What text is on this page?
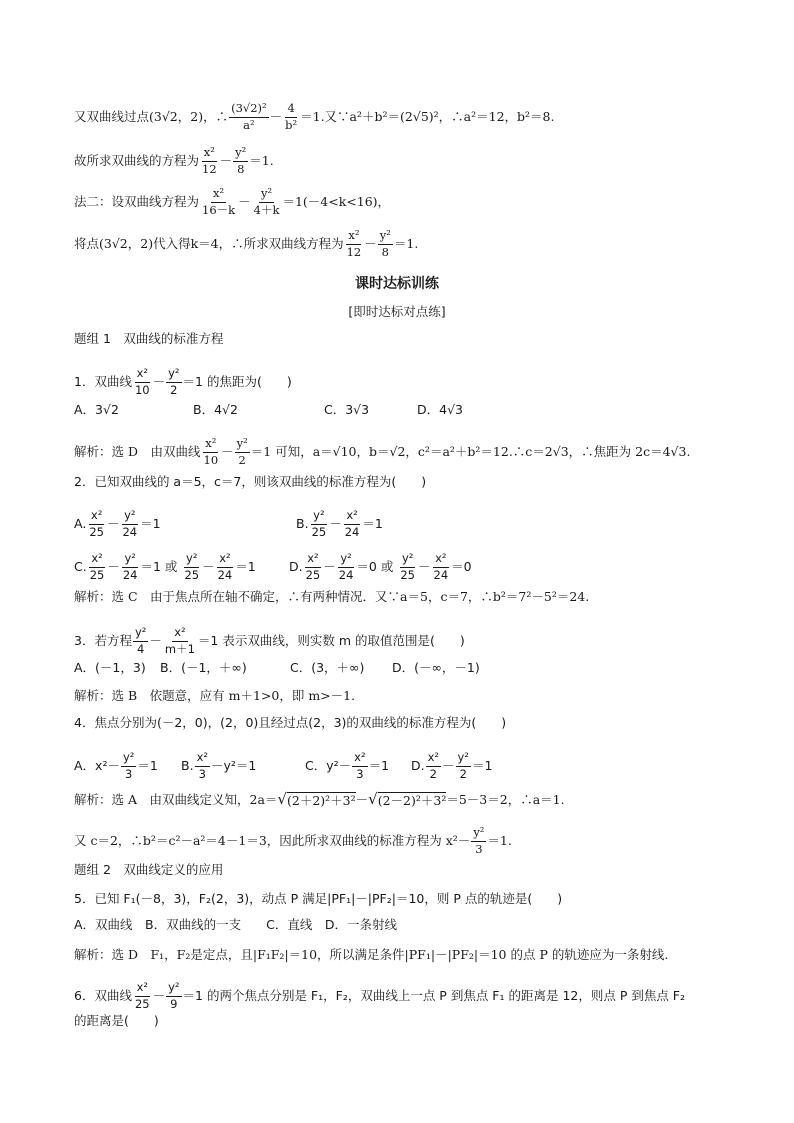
又双曲线过点(3√2，2)，∴ $\frac{\text{(3√2)²}}{\text{a²}} - \frac{4}{\text{b²}} =1$.又∵a²＋b²＝(2√5)²，∴a²＝12，b²＝8.
故所求双曲线的方程为 $\frac{\text{x²}}{12} - \frac{\text{y²}}{8} =1$.
法二：设双曲线方程为 $\frac{\text{x²}}{16-k} - \frac{\text{y²}}{4+k} =1(-4<k<16)$，
将点(3√2，2)代入得k＝4，∴所求双曲线方程为 $\frac{\text{x²}}{12} - \frac{\text{y²}}{8} =1$.
课时达标训练
[即时达标对点练]
题组 1　双曲线的标准方程
1．双曲线 $\frac{\text{x²}}{10} - \frac{\text{y²}}{2} =1$ 的焦距为(　　)
A．3√2	B．4√2	C．3√3	D．4√3
解析：选 D　由双曲线 $\frac{\text{x²}}{10} - \frac{\text{y²}}{2} =1$ 可知，a＝√10，b＝√2，c²＝a²＋b²＝12.∴c＝2√3，∴焦距为 2c＝4√3.
2．已知双曲线的 a＝5，c＝7，则该双曲线的标准方程为(　　)
A. $\frac{\text{x²}}{25} - \frac{\text{y²}}{24} =1$	B. $\frac{\text{y²}}{25} - \frac{\text{x²}}{24} =1$
C. $\frac{\text{x²}}{25} - \frac{\text{y²}}{24} =1$ 或 $\frac{\text{y²}}{25} - \frac{\text{x²}}{24} =1$	D. $\frac{\text{x²}}{25} - \frac{\text{y²}}{24} =0$ 或 $\frac{\text{y²}}{25} - \frac{\text{x²}}{24} =0$
解析：选 C　由于焦点所在轴不确定，∴有两种情况．又∵a＝5，c＝7，∴b²＝7²－5²＝24.
3．若方程 $\frac{\text{y²}}{4} - \frac{\text{x²}}{m+1} =1$ 表示双曲线，则实数 m 的取值范围是(　　)
A．(－1，3)	B．(－1，＋∞)	C．(3，＋∞)	D．(－∞，－1)
解析：选 B　依题意，应有 m＋1>0，即 m>－1.
4．焦点分别为(－2，0)，(2，0)且经过点(2，3)的双曲线的标准方程为(　　)
A．$x^2- \frac{\text{y²}}{3} =1$ B. $\frac{\text{x²}}{3} -y^2=1$	C．$y^2- \frac{\text{x²}}{3} =1$ D. $\frac{\text{x²}}{2} - \frac{\text{y²}}{2} =1$
解析：选 A　由双曲线定义知，2a＝ √ (2＋2)²＋3² － √ (2－2)²＋3² ＝5－3＝2，∴a＝1.
又 c＝2，∴b²＝c²－a²＝4－1＝3，因此所求双曲线的标准方程为 $x^2- \frac{\text{y²}}{3} =1$.
题组 2　双曲线定义的应用
5．已知 F₁(－8，3)，F₂(2，3)，动点 P 满足|PF₁|－|PF₂|＝10，则 P 点的轨迹是(　　)
A．双曲线　B．双曲线的一支　　C．直线　D．一条射线
解析：选 D　F₁，F₂是定点，且|F₁F₂|＝10，所以满足条件|PF₁|－|PF₂|＝10 的点 P 的轨迹应为一条射线.
6．双曲线 $\frac{\text{x²}}{25} - \frac{\text{y²}}{9} =1$ 的两个焦点分别是 F₁，F₂，双曲线上一点 P 到焦点 F₁ 的距离是 12，则点 P 到焦点 F₂
的距离是(　　)
